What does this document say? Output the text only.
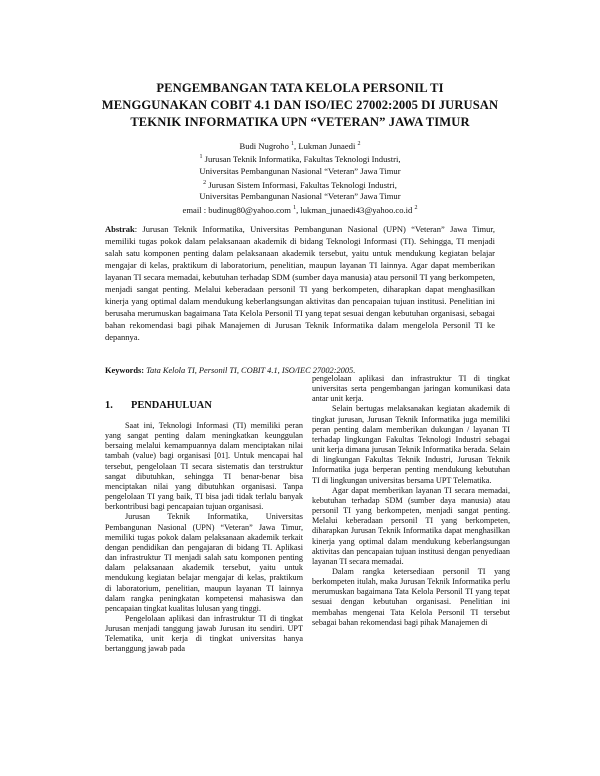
PENGEMBANGAN TATA KELOLA PERSONIL TI
MENGGUNAKAN COBIT 4.1 DAN ISO/IEC 27002:2005 DI JURUSAN
TEKNIK INFORMATIKA UPN “VETERAN” JAWA TIMUR
Budi Nugroho $^1$, Lukman Junaedi $^2$
$^1$ Jurusan Teknik Informatika, Fakultas Teknologi Industri,
Universitas Pembangunan Nasional “Veteran” Jawa Timur
$^2$ Jurusan Sistem Informasi, Fakultas Teknologi Industri,
Universitas Pembangunan Nasional “Veteran” Jawa Timur
email : budinug80@yahoo.com $^1$, lukman_junaedi43@yahoo.co.id $^2$
Abstrak: Jurusan Teknik Informatika, Universitas Pembangunan Nasional (UPN) “Veteran” Jawa Timur, memiliki tugas pokok dalam pelaksanaan akademik di bidang Teknologi Informasi (TI). Sehingga, TI menjadi salah satu komponen penting dalam pelaksanaan akademik tersebut, yaitu untuk mendukung kegiatan belajar mengajar di kelas, praktikum di laboratorium, penelitian, maupun layanan TI lainnya. Agar dapat memberikan layanan TI secara memadai, kebutuhan terhadap SDM (sumber daya manusia) atau personil TI yang berkompeten, menjadi sangat penting. Melalui keberadaan personil TI yang berkompeten, diharapkan dapat menghasilkan kinerja yang optimal dalam mendukung keberlangsungan aktivitas dan pencapaian tujuan institusi. Penelitian ini berusaha merumuskan bagaimana Tata Kelola Personil TI yang tepat sesuai dengan kebutuhan organisasi, sebagai bahan rekomendasi bagi pihak Manajemen di Jurusan Teknik Informatika dalam mengelola Personil TI ke depannya.
Keywords: Tata Kelola TI, Personil TI, COBIT 4.1, ISO/IEC 27002:2005.
1. PENDAHULUAN

Saat ini, Teknologi Informasi (TI) memiliki peran yang sangat penting dalam meningkatkan keunggulan bersaing melalui kemampuannya dalam menciptakan nilai tambah (value) bagi organisasi [01]. Untuk mencapai hal tersebut, pengelolaan TI secara sistematis dan terstruktur sangat dibutuhkan, sehingga TI benar-benar bisa menciptakan nilai yang dibutuhkan organisasi. Tanpa pengelolaan TI yang baik, TI bisa jadi tidak terlalu banyak berkontribusi bagi pencapaian tujuan organisasi.

Jurusan Teknik Informatika, Universitas Pembangunan Nasional (UPN) “Veteran” Jawa Timur, memiliki tugas pokok dalam pelaksanaan akademik terkait dengan pendidikan dan pengajaran di bidang TI. Aplikasi dan infrastruktur TI menjadi salah satu komponen penting dalam pelaksanaan akademik tersebut, yaitu untuk mendukung kegiatan belajar mengajar di kelas, praktikum di laboratorium, penelitian, maupun layanan TI lainnya dalam rangka peningkatan kompetensi mahasiswa dan pencapaian tingkat kualitas lulusan yang tinggi.

Pengelolaan aplikasi dan infrastruktur TI di tingkat Jurusan menjadi tanggung jawab Jurusan itu sendiri. UPT Telematika, unit kerja di tingkat universitas hanya bertanggung jawab pada

pengelolaan aplikasi dan infrastruktur TI di tingkat universitas serta pengembangan jaringan komunikasi data antar unit kerja.

Selain bertugas melaksanakan kegiatan akademik di tingkat jurusan, Jurusan Teknik Informatika juga memiliki peran penting dalam memberikan dukungan / layanan TI terhadap lingkungan Fakultas Teknologi Industri sebagai unit kerja dimana jurusan Teknik Informatika berada. Selain di lingkungan Fakultas Teknik Industri, Jurusan Teknik Informatika juga berperan penting mendukung kebutuhan TI di lingkungan universitas bersama UPT Telematika.

Agar dapat memberikan layanan TI secara memadai, kebutuhan terhadap SDM (sumber daya manusia) atau personil TI yang berkompeten, menjadi sangat penting. Melalui keberadaan personil TI yang berkompeten, diharapkan Jurusan Teknik Informatika dapat menghasilkan kinerja yang optimal dalam mendukung keberlangsungan aktivitas dan pencapaian tujuan institusi dengan penyediaan layanan TI secara memadai.

Dalam rangka ketersediaan personil TI yang berkompeten itulah, maka Jurusan Teknik Informatika perlu merumuskan bagaimana Tata Kelola Personil TI yang tepat sesuai dengan kebutuhan organisasi. Penelitian ini membahas mengenai Tata Kelola Personil TI tersebut sebagai bahan rekomendasi bagi pihak Manajemen di
